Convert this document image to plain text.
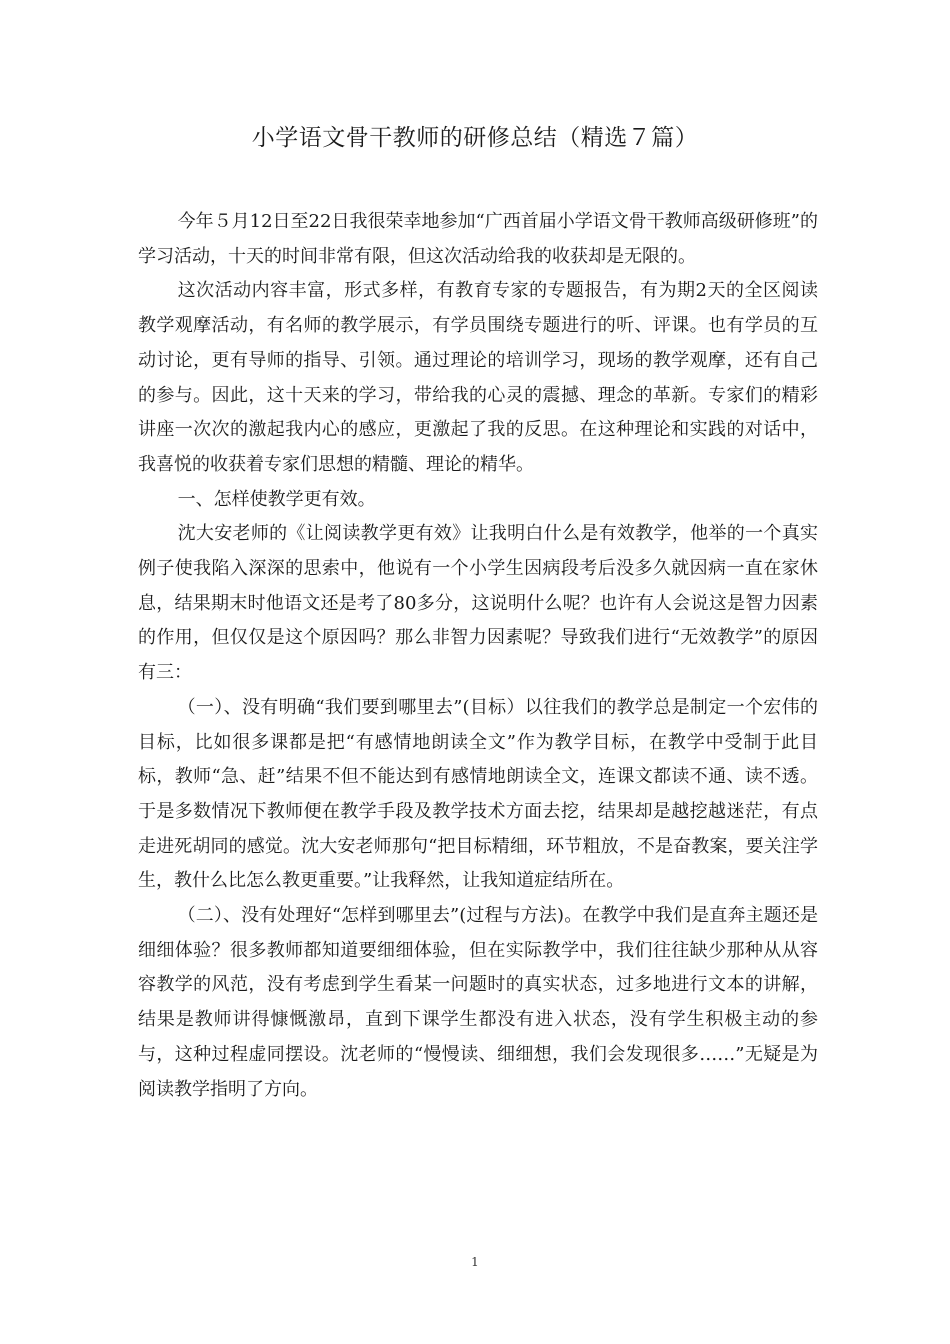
小学语文骨干教师的研修总结（精选７篇）

今年５月12日至22日我很荣幸地参加“广西首届小学语文骨干教师高级研修班”的学习活动，十天的时间非常有限，但这次活动给我的收获却是无限的。

这次活动内容丰富，形式多样，有教育专家的专题报告，有为期2天的全区阅读教学观摩活动，有名师的教学展示，有学员围绕专题进行的听、评课。也有学员的互动讨论，更有导师的指导、引领。通过理论的培训学习，现场的教学观摩，还有自己的参与。因此，这十天来的学习，带给我的心灵的震撼、理念的革新。专家们的精彩讲座一次次的激起我内心的感应，更激起了我的反思。在这种理论和实践的对话中，我喜悦的收获着专家们思想的精髓、理论的精华。

一、怎样使教学更有效。

沈大安老师的《让阅读教学更有效》让我明白什么是有效教学，他举的一个真实例子使我陷入深深的思索中，他说有一个小学生因病段考后没多久就因病一直在家休息，结果期末时他语文还是考了80多分，这说明什么呢？也许有人会说这是智力因素的作用，但仅仅是这个原因吗？那么非智力因素呢？导致我们进行“无效教学”的原因有三：

（一）、没有明确“我们要到哪里去”(目标）以往我们的教学总是制定一个宏伟的目标，比如很多课都是把“有感情地朗读全文”作为教学目标，在教学中受制于此目标，教师“急、赶”结果不但不能达到有感情地朗读全文，连课文都读不通、读不透。于是多数情况下教师便在教学手段及教学技术方面去挖，结果却是越挖越迷茫，有点走进死胡同的感觉。沈大安老师那句“把目标精细，环节粗放，不是奋教案，要关注学生，教什么比怎么教更重要。”让我释然，让我知道症结所在。

（二）、没有处理好“怎样到哪里去”(过程与方法)。在教学中我们是直奔主题还是细细体验？很多教师都知道要细细体验，但在实际教学中，我们往往缺少那种从从容容教学的风范，没有考虑到学生看某一问题时的真实状态，过多地进行文本的讲解，结果是教师讲得慷慨激昂，直到下课学生都没有进入状态，没有学生积极主动的参与，这种过程虚同摆设。沈老师的“慢慢读、细细想，我们会发现很多……”无疑是为阅读教学指明了方向。

1
